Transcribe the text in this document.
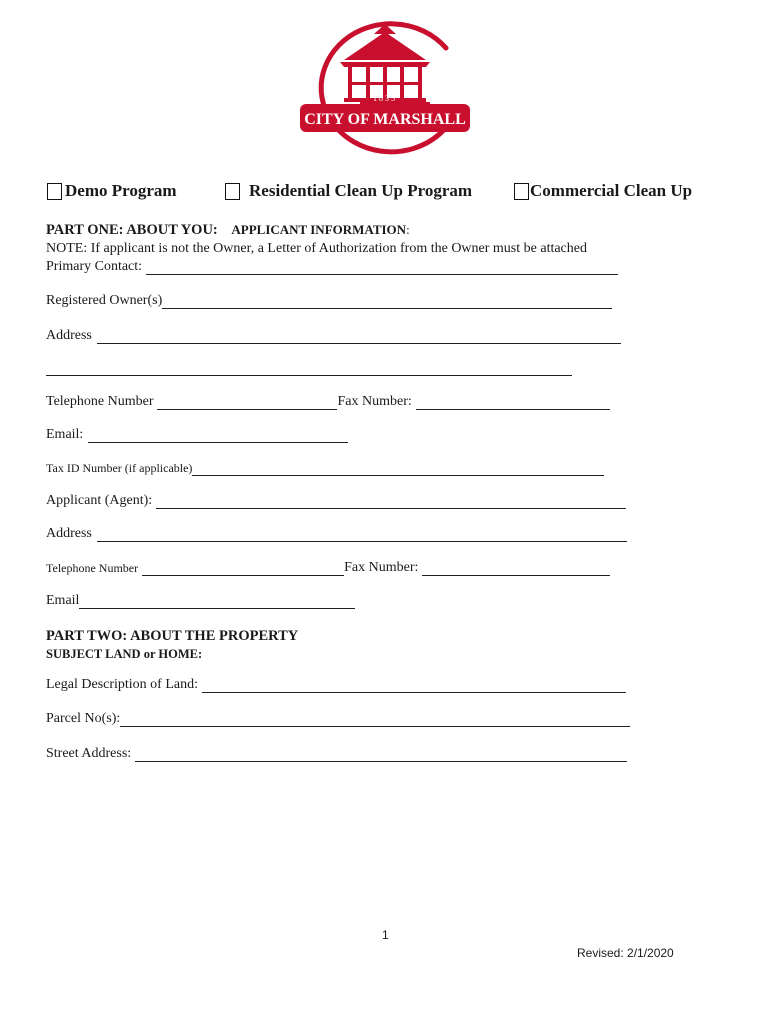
1835
CITY OF MARSHALL
Demo Program	Residential Clean Up Program	Commercial Clean Up
PART ONE: ABOUT YOU: APPLICANT INFORMATION:
NOTE: If applicant is not the Owner, a Letter of Authorization from the Owner must be attached
Primary Contact:
Registered Owner(s)
Address
Telephone Number	Fax Number:
Email:
Tax ID Number (if applicable)
Applicant (Agent):
Address
Telephone Number	Fax Number:
Email
PART TWO: ABOUT THE PROPERTY
SUBJECT LAND or HOME:
Legal Description of Land:
Parcel No(s):
Street Address:
1
Revised: 2/1/2020
